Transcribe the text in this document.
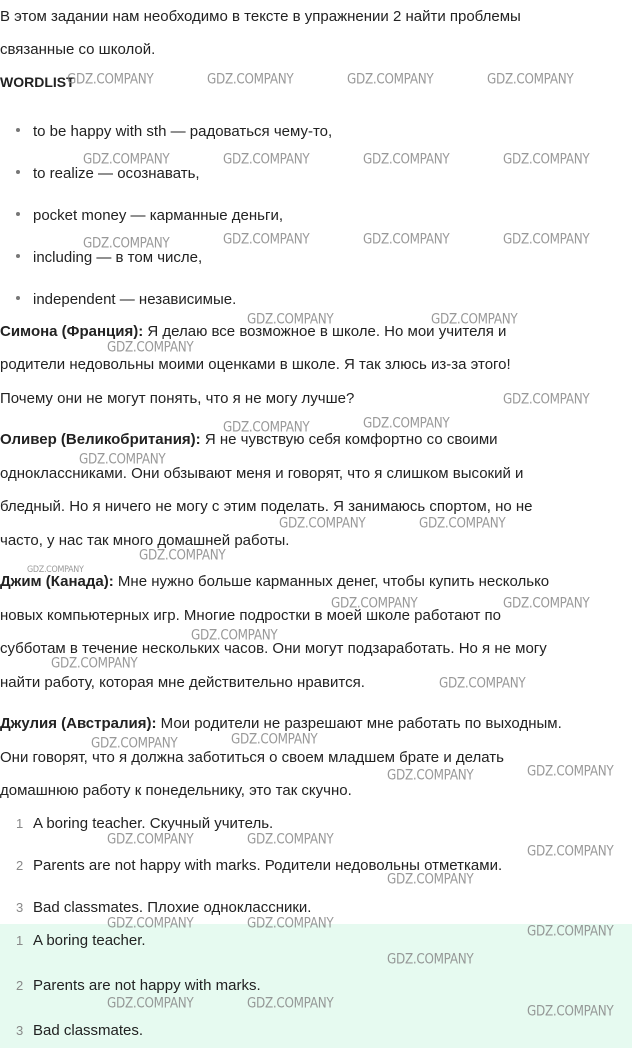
В этом задании нам необходимо в тексте в упражнении 2 найти проблемы
связанные со школой.
WORDLIST
to be happy with sth — радоваться чему-то,
to realize — осознавать,
pocket money — карманные деньги,
including — в том числе,
independent — независимые.
Симона (Франция): Я делаю все возможное в школе. Но мои учителя и
родители недовольны моими оценками в школе. Я так злюсь из-за этого!
Почему они не могут понять, что я не могу лучше?
Оливер (Великобритания): Я не чувствую себя комфортно со своими
одноклассниками. Они обзывают меня и говорят, что я слишком высокий и
бледный. Но я ничего не могу с этим поделать. Я занимаюсь спортом, но не
часто, у нас так много домашней работы.
Джим (Канада): Мне нужно больше карманных денег, чтобы купить несколько
новых компьютерных игр. Многие подростки в моей школе работают по
субботам в течение нескольких часов. Они могут подзаработать. Но я не могу
найти работу, которая мне действительно нравится.
Джулия (Австралия): Мои родители не разрешают мне работать по выходным.
Они говорят, что я должна заботиться о своем младшем брате и делать
домашнюю работу к понедельнику, это так скучно.
1 A boring teacher. Скучный учитель.
2 Parents are not happy with marks. Родители недовольны отметками.
3 Bad classmates. Плохие одноклассники.
1 A boring teacher.
2 Parents are not happy with marks.
3 Bad classmates.
GDZ.COMPANY	GDZ.COMPANY	GDZ.COMPANY	GDZ.COMPANY
GDZ.COMPANY	GDZ.COMPANY	GDZ.COMPANY	GDZ.COMPANY
GDZ.COMPANY	GDZ.COMPANY	GDZ.COMPANY	GDZ.COMPANY
GDZ.COMPANY	GDZ.COMPANY
GDZ.COMPANY
GDZ.COMPANY
GDZ.COMPANY	GDZ.COMPANY
GDZ.COMPANY
GDZ.COMPANY	GDZ.COMPANY
GDZ.COMPANY
GDZ.COMPANY
GDZ.COMPANY	GDZ.COMPANY
GDZ.COMPANY
GDZ.COMPANY
GDZ.COMPANY
GDZ.COMPANY
GDZ.COMPANY
GDZ.COMPANY
GDZ.COMPANY
GDZ.COMPANY	GDZ.COMPANY
GDZ.COMPANY
GDZ.COMPANY
GDZ.COMPANY	GDZ.COMPANY	GDZ.COMPANY
GDZ.COMPANY
GDZ.COMPANY	GDZ.COMPANY	GDZ.COMPANY
